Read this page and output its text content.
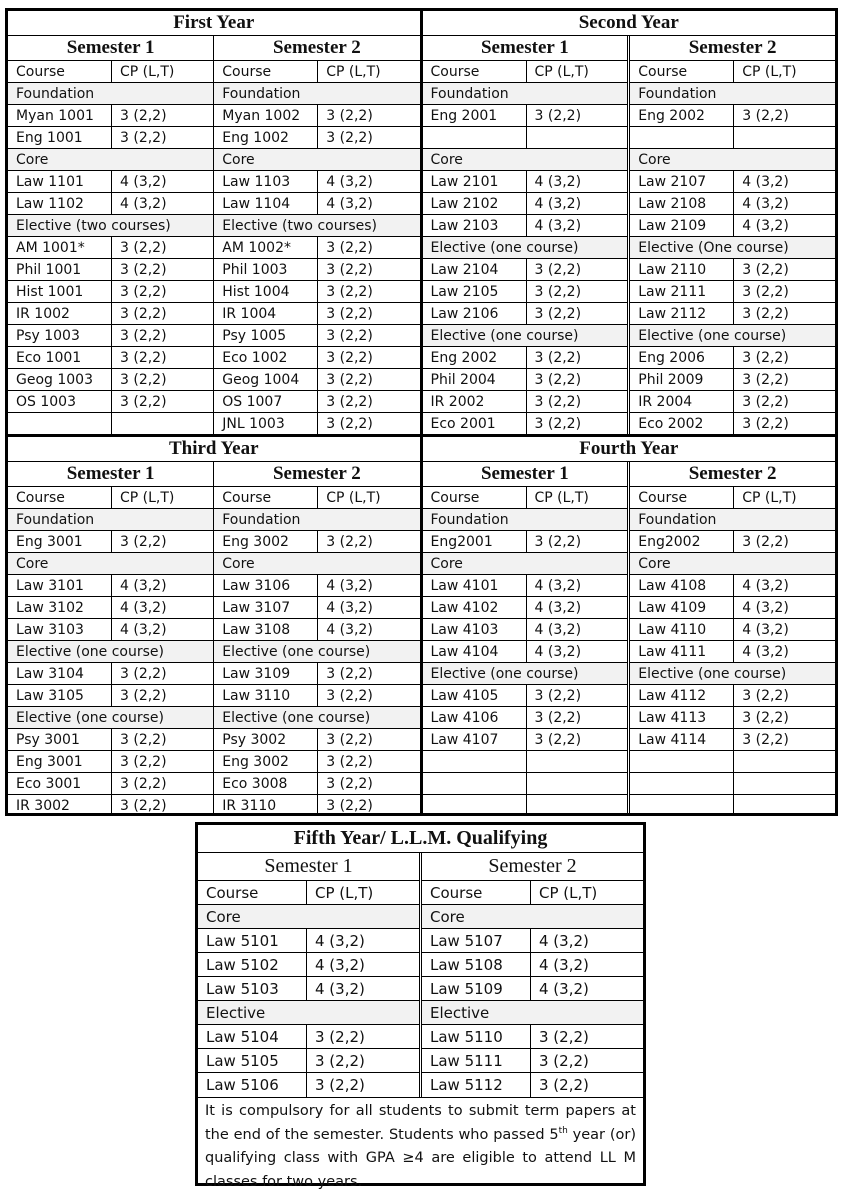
First Year
Semester 1
Course	CP (L,T)
Foundation
Myan 1001	3 (2,2)
Eng 1001	3 (2,2)
Core
Law 1101	4 (3,2)
Law 1102	4 (3,2)
Elective (two courses)
AM 1001*	3 (2,2)
Phil 1001	3 (2,2)
Hist 1001	3 (2,2)
IR 1002	3 (2,2)
Psy 1003	3 (2,2)
Eco 1001	3 (2,2)
Geog 1003	3 (2,2)
OS 1003	3 (2,2)
Semester 2
Course	CP (L,T)
Foundation
Myan 1002	3 (2,2)
Eng 1002	3 (2,2)
Core
Law 1103	4 (3,2)
Law 1104	4 (3,2)
Elective (two courses)
AM 1002*	3 (2,2)
Phil 1003	3 (2,2)
Hist 1004	3 (2,2)
IR 1004	3 (2,2)
Psy 1005	3 (2,2)
Eco 1002	3 (2,2)
Geog 1004	3 (2,2)
OS 1007	3 (2,2)
JNL 1003	3 (2,2)
Second Year
Semester 1
Course	CP (L,T)
Foundation
Eng 2001	3 (2,2)
Core
Law 2101	4 (3,2)
Law 2102	4 (3,2)
Law 2103	4 (3,2)
Elective (one course)
Law 2104	3 (2,2)
Law 2105	3 (2,2)
Law 2106	3 (2,2)
Elective (one course)
Eng 2002	3 (2,2)
Phil 2004	3 (2,2)
IR 2002	3 (2,2)
Eco 2001	3 (2,2)
Semester 2
Course	CP (L,T)
Foundation
Eng 2002	3 (2,2)
Core
Law 2107	4 (3,2)
Law 2108	4 (3,2)
Law 2109	4 (3,2)
Elective (One course)
Law 2110	3 (2,2)
Law 2111	3 (2,2)
Law 2112	3 (2,2)
Elective (one course)
Eng 2006	3 (2,2)
Phil 2009	3 (2,2)
IR 2004	3 (2,2)
Eco 2002	3 (2,2)
Third Year
Semester 1
Course	CP (L,T)
Foundation
Eng 3001	3 (2,2)
Core
Law 3101	4 (3,2)
Law 3102	4 (3,2)
Law 3103	4 (3,2)
Elective (one course)
Law 3104	3 (2,2)
Law 3105	3 (2,2)
Elective (one course)
Psy 3001	3 (2,2)
Eng 3001	3 (2,2)
Eco 3001	3 (2,2)
IR 3002	3 (2,2)
Semester 2
Course	CP (L,T)
Foundation
Eng 3002	3 (2,2)
Core
Law 3106	4 (3,2)
Law 3107	4 (3,2)
Law 3108	4 (3,2)
Elective (one course)
Law 3109	3 (2,2)
Law 3110	3 (2,2)
Elective (one course)
Psy 3002	3 (2,2)
Eng 3002	3 (2,2)
Eco 3008	3 (2,2)
IR 3110	3 (2,2)
Fourth Year
Semester 1
Course	CP (L,T)
Foundation
Eng2001	3 (2,2)
Core
Law 4101	4 (3,2)
Law 4102	4 (3,2)
Law 4103	4 (3,2)
Law 4104	4 (3,2)
Elective (one course)
Law 4105	3 (2,2)
Law 4106	3 (2,2)
Law 4107	3 (2,2)
Semester 2
Course	CP (L,T)
Foundation
Eng2002	3 (2,2)
Core
Law 4108	4 (3,2)
Law 4109	4 (3,2)
Law 4110	4 (3,2)
Law 4111	4 (3,2)
Elective (one course)
Law 4112	3 (2,2)
Law 4113	3 (2,2)
Law 4114	3 (2,2)
Fifth Year/ L.L.M. Qualifying
Semester 1
Course	CP (L,T)
Core
Law 5101	4 (3,2)
Law 5102	4 (3,2)
Law 5103	4 (3,2)
Elective
Law 5104	3 (2,2)
Law 5105	3 (2,2)
Law 5106	3 (2,2)
Semester 2
Course	CP (L,T)
Core
Law 5107	4 (3,2)
Law 5108	4 (3,2)
Law 5109	4 (3,2)
Elective
Law 5110	3 (2,2)
Law 5111	3 (2,2)
Law 5112	3 (2,2)
It is compulsory for all students to submit term papers at the end of the semester. Students who passed 5th year (or) qualifying class with GPA ≥4 are eligible to attend LL M classes for two years.
